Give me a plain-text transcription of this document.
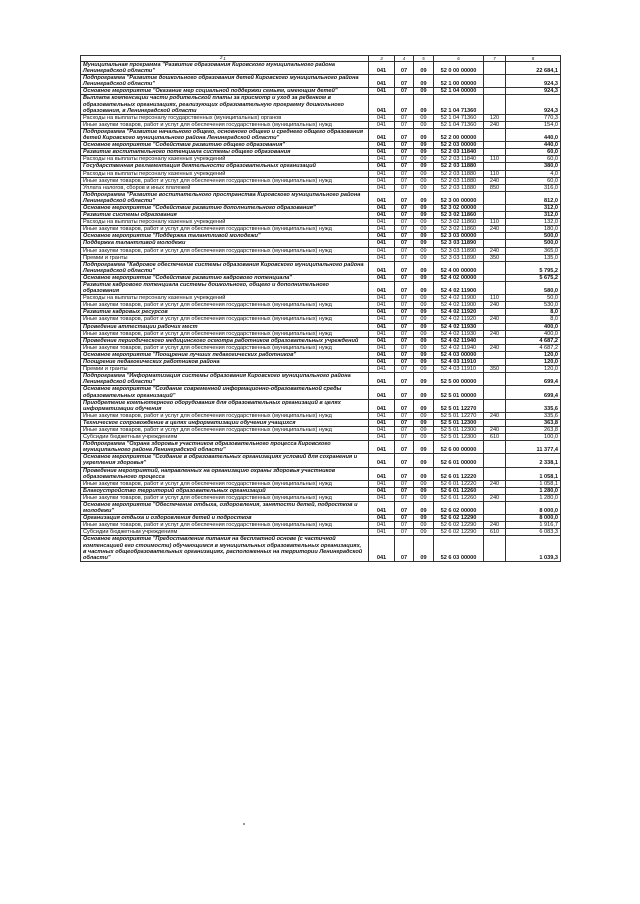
1	3	4	5	6	7	8
Муниципальная программа "Развитие образования Кировского муниципального района Ленинградской области"	041	07	09	52 0 00 00000		22 684,1
Подпрограмма "Развитие дошкольного образования детей Кировского муниципального района Ленинградской области"	041	07	09	52 1 00 00000		924,3
Основное мероприятие "Оказание мер социальной поддержки семьям, имеющим детей"	041	07	09	52 1 04 00000		924,3
Выплата компенсации части родительской платы за присмотр и уход за ребенком в образовательных организациях, реализующих образовательную программу дошкольного образования, в Ленинградской области	041	07	09	52 1 04 71360		924,3
Расходы на выплаты персоналу государственных (муниципальных) органов	041	07	09	52 1 04 71360	120	770,3
Иные закупки товаров, работ и услуг для обеспечения государственных (муниципальных) нужд	041	07	09	52 1 04 71360	240	154,0
Подпрограмма "Развитие начального общего, основного общего и среднего общего образования детей Кировского муниципального района Ленинградской области"	041	07	09	52 2 00 00000		440,0
Основное мероприятие "Содействие развитию общего образования"	041	07	09	52 2 03 00000		440,0
Развитие воспитательного потенциала системы общего образования	041	07	09	52 2 03 11840		60,0
Расходы на выплаты персоналу казенных учреждений	041	07	09	52 2 03 11840	110	60,0
Государственная регламентация деятельности образовательных организаций	041	07	09	52 2 03 11880		380,0
Расходы на выплаты персоналу казенных учреждений	041	07	09	52 2 03 11880	110	4,0
Иные закупки товаров, работ и услуг для обеспечения государственных (муниципальных) нужд	041	07	09	52 2 03 11880	240	60,0
Уплата налогов, сборов и иных платежей	041	07	09	52 2 03 11880	850	316,0
Подпрограмма "Развитие воспитательного пространства Кировского муниципального района Ленинградской области"	041	07	09	52 3 00 00000		812,0
Основное мероприятие "Содействие развитию дополнительного образования"	041	07	09	52 3 02 00000		312,0
Развитие системы образования	041	07	09	52 3 02 11860		312,0
Расходы на выплаты персоналу казенных учреждений	041	07	09	52 3 02 11860	110	132,0
Иные закупки товаров, работ и услуг для обеспечения государственных (муниципальных) нужд	041	07	09	52 3 02 11860	240	180,0
Основное мероприятие "Поддержка талантливой молодежи"	041	07	09	52 3 03 00000		500,0
Поддержка талантливой молодежи	041	07	09	52 3 03 11890		500,0
Иные закупки товаров, работ и услуг для обеспечения государственных (муниципальных) нужд	041	07	09	52 3 03 11890	240	365,0
Премии и гранты	041	07	09	52 3 03 11890	350	135,0
Подпрограмма "Кадровое обеспечение системы образования Кировского муниципального района Ленинградской области"	041	07	09	52 4 00 00000		5 795,2
Основное мероприятие "Содействие развитию кадрового потенциала"	041	07	09	52 4 02 00000		5 675,2
Развитие кадрового потенциала системы дошкольного, общего и дополнительного образования	041	07	09	52 4 02 11900		580,0
Расходы на выплаты персоналу казенных учреждений	041	07	09	52 4 02 11900	110	50,0
Иные закупки товаров, работ и услуг для обеспечения государственных (муниципальных) нужд	041	07	09	52 4 02 11900	240	530,0
Развитие кадровых ресурсов	041	07	09	52 4 02 11920		8,0
Иные закупки товаров, работ и услуг для обеспечения государственных (муниципальных) нужд	041	07	09	52 4 02 11920	240	8,0
Проведение аттестации рабочих мест	041	07	09	52 4 02 11930		400,0
Иные закупки товаров, работ и услуг для обеспечения государственных (муниципальных) нужд	041	07	09	52 4 02 11930	240	400,0
Проведение периодического медицинского осмотра работников образовательных учреждений	041	07	09	52 4 02 11940		4 687,2
Иные закупки товаров, работ и услуг для обеспечения государственных (муниципальных) нужд	041	07	09	52 4 02 11940	240	4 687,2
Основное мероприятие "Поощрение лучших педагогических работников"	041	07	09	52 4 03 00000		120,0
Поощрение педагогических работников района	041	07	09	52 4 03 11910		120,0
Премии и гранты	041	07	09	52 4 03 11910	350	120,0
Подпрограмма "Информатизация системы образования Кировского муниципального района Ленинградской области"	041	07	09	52 5 00 00000		699,4
Основное мероприятие "Создание современной информационно-образовательной среды образовательных организаций"	041	07	09	52 5 01 00000		699,4
Приобретение компьютерного оборудования для образовательных организаций в целях информатизации обучения	041	07	09	52 5 01 12270		335,6
Иные закупки товаров, работ и услуг для обеспечения государственных (муниципальных) нужд	041	07	09	52 5 01 12270	240	335,6
Техническое сопровождение в целях информатизации обучения учащихся	041	07	09	52 5 01 12300		363,8
Иные закупки товаров, работ и услуг для обеспечения государственных (муниципальных) нужд	041	07	09	52 5 01 12300	240	263,8
Субсидии бюджетным учреждениям	041	07	09	52 5 01 12300	610	100,0
Подпрограмма "Охрана здоровья участников образовательного процесса Кировского муниципального района Ленинградской области"	041	07	09	52 6 00 00000		11 377,4
Основное мероприятие "Создание в образовательных организациях условий для сохранения и укрепления здоровья"	041	07	09	52 6 01 00000		2 338,1
Проведение мероприятий, направленных на организацию охраны здоровья участников образовательного процесса	041	07	09	52 6 01 12220		1 058,1
Иные закупки товаров, работ и услуг для обеспечения государственных (муниципальных) нужд	041	07	09	52 6 01 12220	240	1 058,1
Благоустройство территорий образовательных организаций	041	07	09	52 6 01 12260		1 280,0
Иные закупки товаров, работ и услуг для обеспечения государственных (муниципальных) нужд	041	07	09	52 6 01 12260	240	1 280,0
Основное мероприятие "Обеспечение отдыха, оздоровления, занятости детей, подростков и молодежи"	041	07	09	52 6 02 00000		8 000,0
Организация отдыха и оздоровления детей и подростков	041	07	09	52 6 02 12290		8 000,0
Иные закупки товаров, работ и услуг для обеспечения государственных (муниципальных) нужд	041	07	09	52 6 02 12290	240	1 916,7
Субсидии бюджетным учреждениям	041	07	09	52 6 02 12290	610	6 083,3
Основное мероприятие "Предоставление питания на бесплатной основе (с частичной компенсацией его стоимости) обучающимся в муниципальных образовательных организациях, в частных общеобразовательных организациях, расположенных на территории Ленинградской области"	041	07	09	52 6 03 00000		1 039,3
2
